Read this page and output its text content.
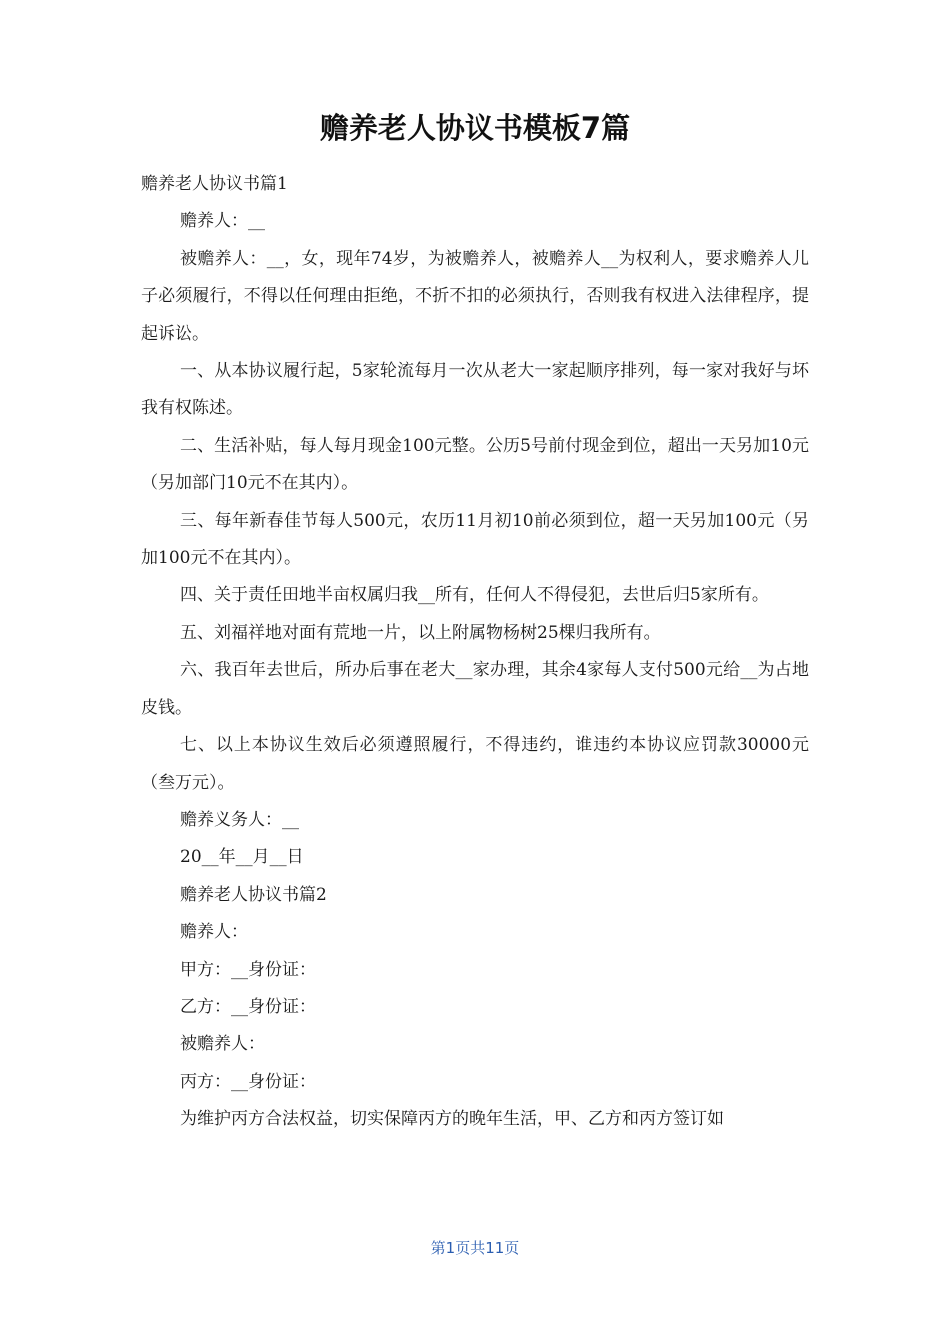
赡养老人协议书模板7篇

赡养老人协议书篇1

赡养人：__

被赡养人：__，女，现年74岁，为被赡养人，被赡养人__为权利人，要求赡养人儿子必须履行，不得以任何理由拒绝，不折不扣的必须执行，否则我有权进入法律程序，提起诉讼。

一、从本协议履行起，5家轮流每月一次从老大一家起顺序排列，每一家对我好与坏我有权陈述。

二、生活补贴，每人每月现金100元整。公历5号前付现金到位，超出一天另加10元（另加部门10元不在其内）。

三、每年新春佳节每人500元，农历11月初10前必须到位，超一天另加100元（另加100元不在其内）。

四、关于责任田地半亩权属归我__所有，任何人不得侵犯，去世后归5家所有。

五、刘福祥地对面有荒地一片，以上附属物杨树25棵归我所有。

六、我百年去世后，所办后事在老大__家办理，其余4家每人支付500元给__为占地皮钱。

七、以上本协议生效后必须遵照履行，不得违约，谁违约本协议应罚款30000元（叁万元）。

赡养义务人：__

20__年__月__日

赡养老人协议书篇2

赡养人：

甲方：__身份证：

乙方：__身份证：

被赡养人：

丙方：__身份证：

为维护丙方合法权益，切实保障丙方的晚年生活，甲、乙方和丙方签订如

第1页共11页
